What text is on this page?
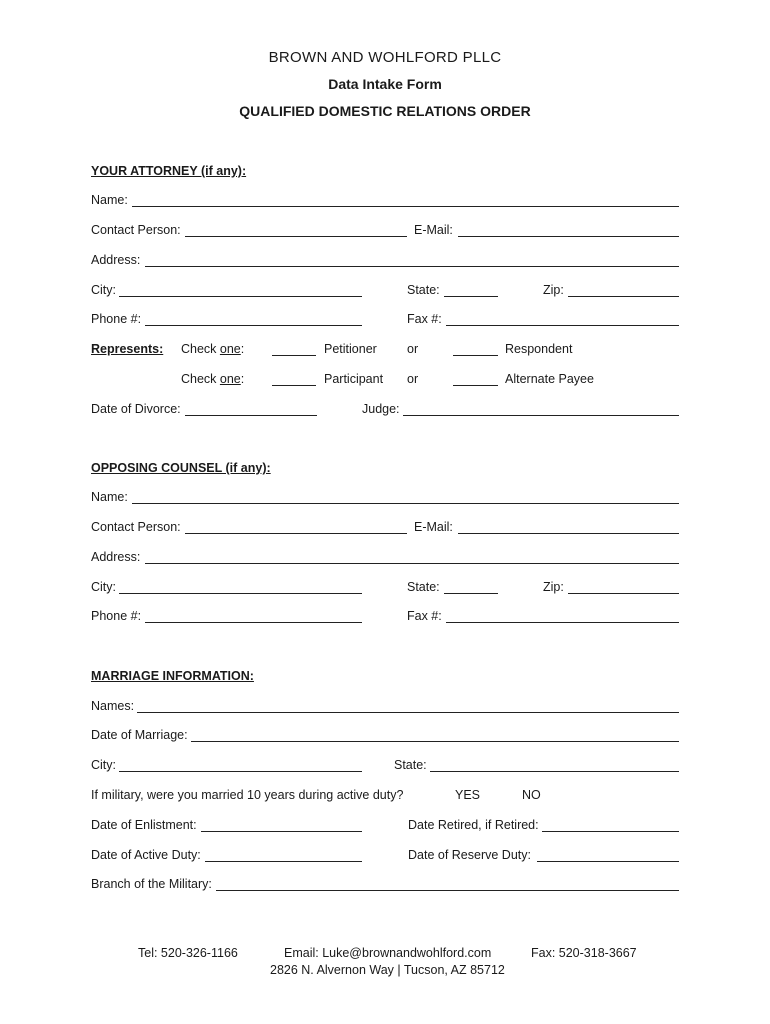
BROWN AND WOHLFORD PLLC
Data Intake Form
QUALIFIED DOMESTIC RELATIONS ORDER
YOUR ATTORNEY (if any):
Name:
Contact Person:	E-Mail:
Address:
City:	State:	Zip:
Phone #:	Fax #:
Represents: Check one:	Petitioner or	Respondent
Check one:	Participant or	Alternate Payee
Date of Divorce:	Judge:
OPPOSING COUNSEL (if any):
Name:
Contact Person:	E-Mail:
Address:
City:	State:	Zip:
Phone #:	Fax #:
MARRIAGE INFORMATION:
Names:
Date of Marriage:
City:	State:
If military, were you married 10 years during active duty?	YES	NO
Date of Enlistment:	Date Retired, if Retired:
Date of Active Duty:	Date of Reserve Duty:
Branch of the Military:
Tel: 520-326-1166	Email: Luke@brownandwohlford.com	Fax: 520-318-3667
2826 N. Alvernon Way | Tucson, AZ 85712
